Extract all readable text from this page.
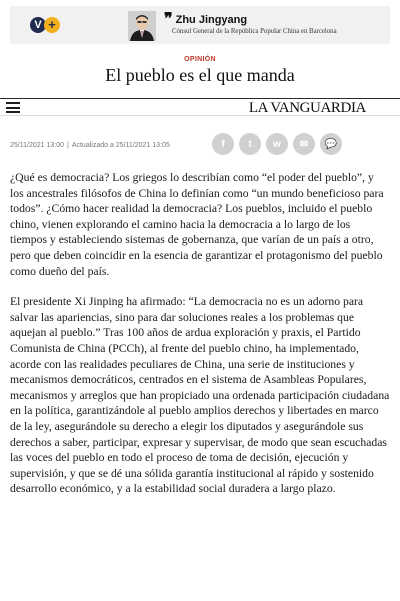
V +	❞ Zhu Jingyang
Cónsul General de la República Popular China en Barcelona
OPINIÓN
El pueblo es el que manda
LA VANGUARDIA
25/11/2021 13:00 | Actualizado a 25/11/2021 13:05	f	t	w	✉	💬

¿Qué es democracia? Los griegos lo describían como “el poder del pueblo”, y los ancestrales filósofos de China lo definían como “un mundo beneficioso para todos”. ¿Cómo hacer realidad la democracia? Los pueblos, incluido el pueblo chino, vienen explorando el camino hacia la democracia a lo largo de los tiempos y estableciendo sistemas de gobernanza, que varían de un país a otro, pero que deben coincidir en la esencia de garantizar el protagonismo del pueblo como dueño del país.

El presidente Xi Jinping ha afirmado: “La democracia no es un adorno para salvar las apariencias, sino para dar soluciones reales a los problemas que aquejan al pueblo.” Tras 100 años de ardua exploración y praxis, el Partido Comunista de China (PCCh), al frente del pueblo chino, ha implementado, acorde con las realidades peculiares de China, una serie de instituciones y mecanismos democráticos, centrados en el sistema de Asambleas Populares, mecanismos y arreglos que han propiciado una ordenada participación ciudadana en la política, garantizándole al pueblo amplios derechos y libertades en marco de la ley, asegurándole su derecho a elegir los diputados y asegurándole sus derechos a saber, participar, expresar y supervisar, de modo que sean escuchadas las voces del pueblo en todo el proceso de toma de decisión, ejecución y supervisión, y que se dé una sólida garantía institucional al rápido y sostenido desarrollo económico, y a la estabilidad social duradera a largo plazo.
